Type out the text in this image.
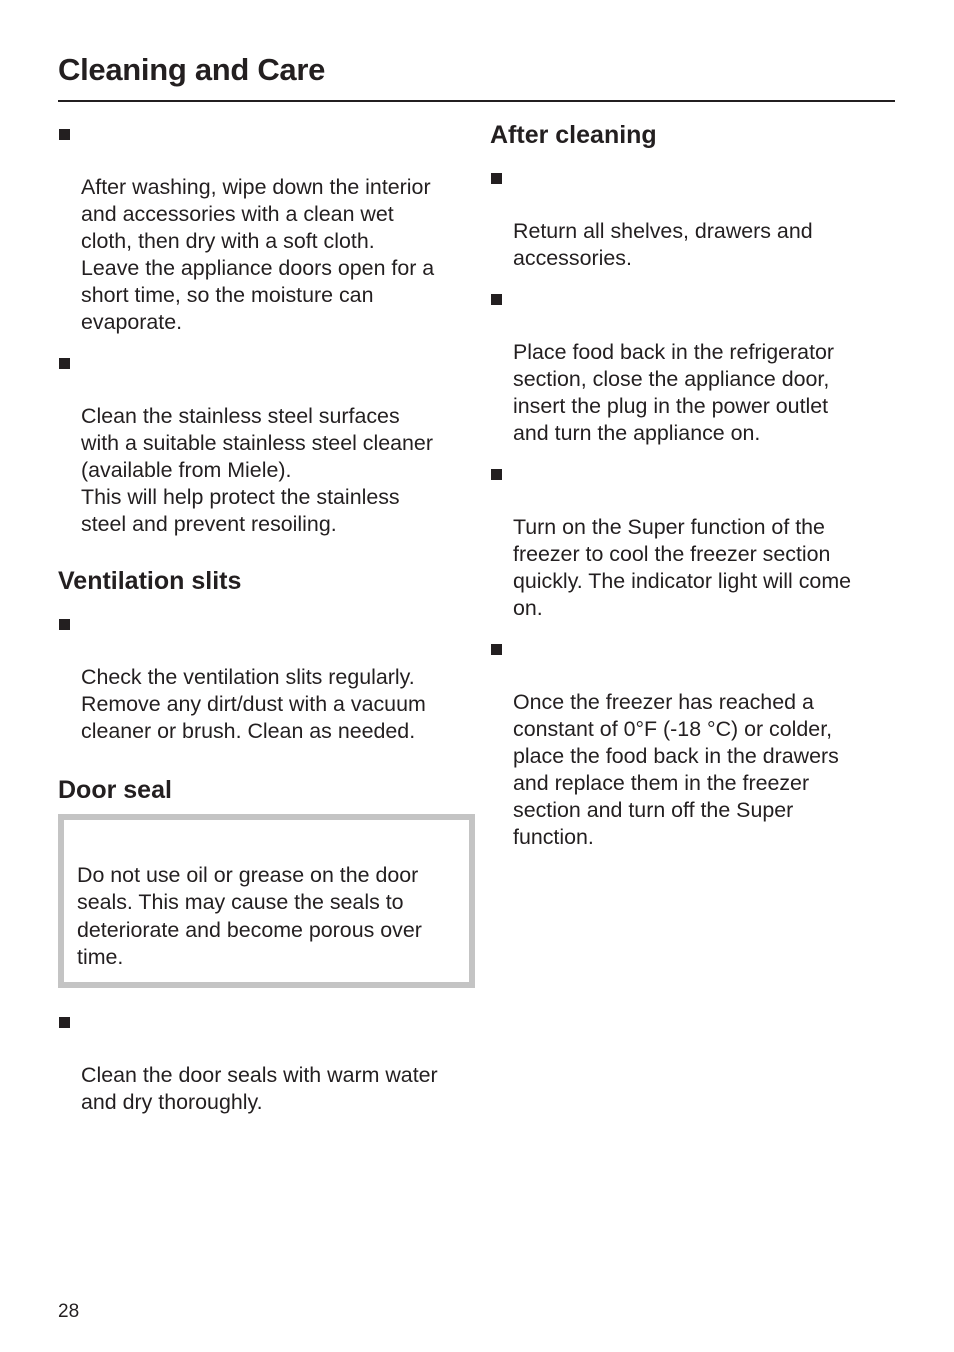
Cleaning and Care

After washing, wipe down the interior
and accessories with a clean wet
cloth, then dry with a soft cloth.
Leave the appliance doors open for a
short time, so the moisture can
evaporate.

Clean the stainless steel surfaces
with a suitable stainless steel cleaner
(available from Miele).
This will help protect the stainless
steel and prevent resoiling.

Ventilation slits

Check the ventilation slits regularly.
Remove any dirt/dust with a vacuum
cleaner or brush. Clean as needed.

Door seal

Do not use oil or grease on the door
seals. This may cause the seals to
deteriorate and become porous over
time.

Clean the door seals with warm water
and dry thoroughly.

After cleaning

Return all shelves, drawers and
accessories.

Place food back in the refrigerator
section, close the appliance door,
insert the plug in the power outlet
and turn the appliance on.

Turn on the Super function of the
freezer to cool the freezer section
quickly. The indicator light will come
on.

Once the freezer has reached a
constant of 0°F (-18 °C) or colder,
place the food back in the drawers
and replace them in the freezer
section and turn off the Super
function.

28
